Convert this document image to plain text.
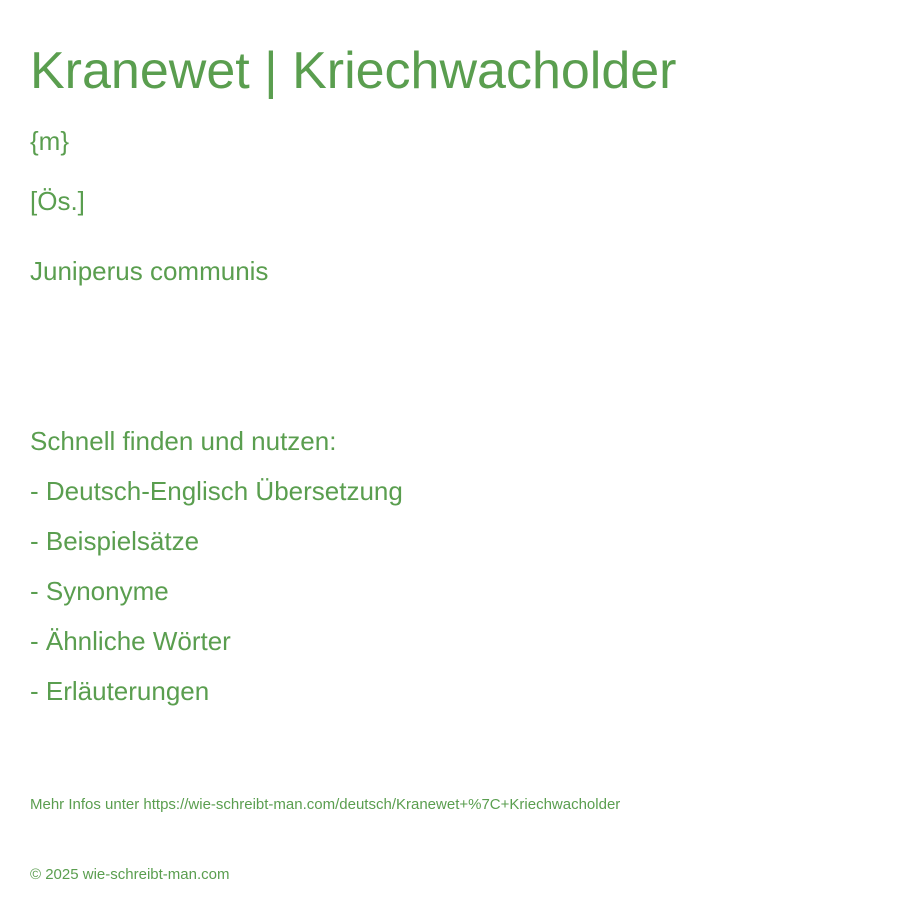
Kranewet | Kriechwacholder
{m}
[Ös.]
Juniperus communis
Schnell finden und nutzen:
- Deutsch-Englisch Übersetzung
- Beispielsätze
- Synonyme
- Ähnliche Wörter
- Erläuterungen
Mehr Infos unter https://wie-schreibt-man.com/deutsch/Kranewet+%7C+Kriechwacholder
© 2025 wie-schreibt-man.com
